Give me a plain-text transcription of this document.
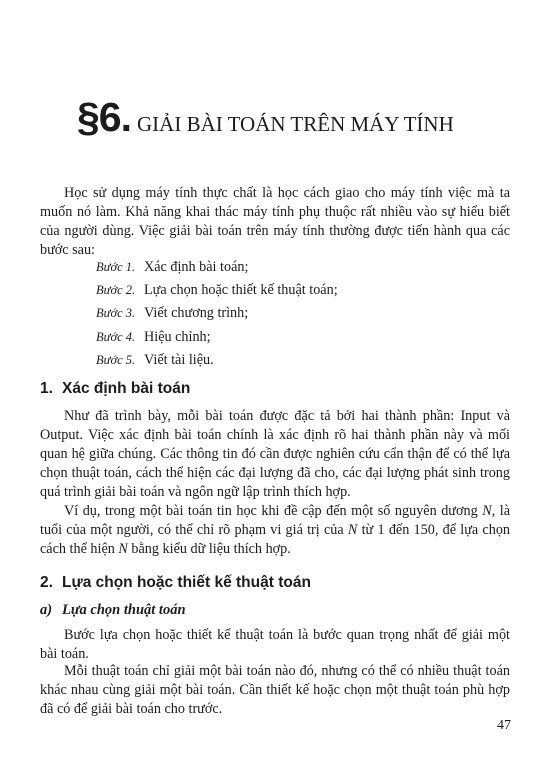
§6. GIẢI BÀI TOÁN TRÊN MÁY TÍNH

Học sử dụng máy tính thực chất là học cách giao cho máy tính việc mà ta muốn nó làm. Khả năng khai thác máy tính phụ thuộc rất nhiều vào sự hiểu biết của người dùng. Việc giải bài toán trên máy tính thường được tiến hành qua các bước sau:

Bước 1. Xác định bài toán;
Bước 2. Lựa chọn hoặc thiết kế thuật toán;
Bước 3. Viết chương trình;
Bước 4. Hiệu chỉnh;
Bước 5. Viết tài liệu.
1. Xác định bài toán

Như đã trình bày, mỗi bài toán được đặc tả bởi hai thành phần: Input và Output. Việc xác định bài toán chính là xác định rõ hai thành phần này và mối quan hệ giữa chúng. Các thông tin đó cần được nghiên cứu cẩn thận để có thể lựa chọn thuật toán, cách thể hiện các đại lượng đã cho, các đại lượng phát sinh trong quá trình giải bài toán và ngôn ngữ lập trình thích hợp.

Ví dụ, trong một bài toán tin học khi đề cập đến một số nguyên dương N, là tuổi của một người, có thể chỉ rõ phạm vi giá trị của N từ 1 đến 150, để lựa chọn cách thể hiện N bằng kiểu dữ liệu thích hợp.

2. Lựa chọn hoặc thiết kế thuật toán
a) Lựa chọn thuật toán

Bước lựa chọn hoặc thiết kế thuật toán là bước quan trọng nhất để giải một bài toán.

Mỗi thuật toán chỉ giải một bài toán nào đó, nhưng có thể có nhiều thuật toán khác nhau cùng giải một bài toán. Cần thiết kế hoặc chọn một thuật toán phù hợp đã có để giải bài toán cho trước.

47
